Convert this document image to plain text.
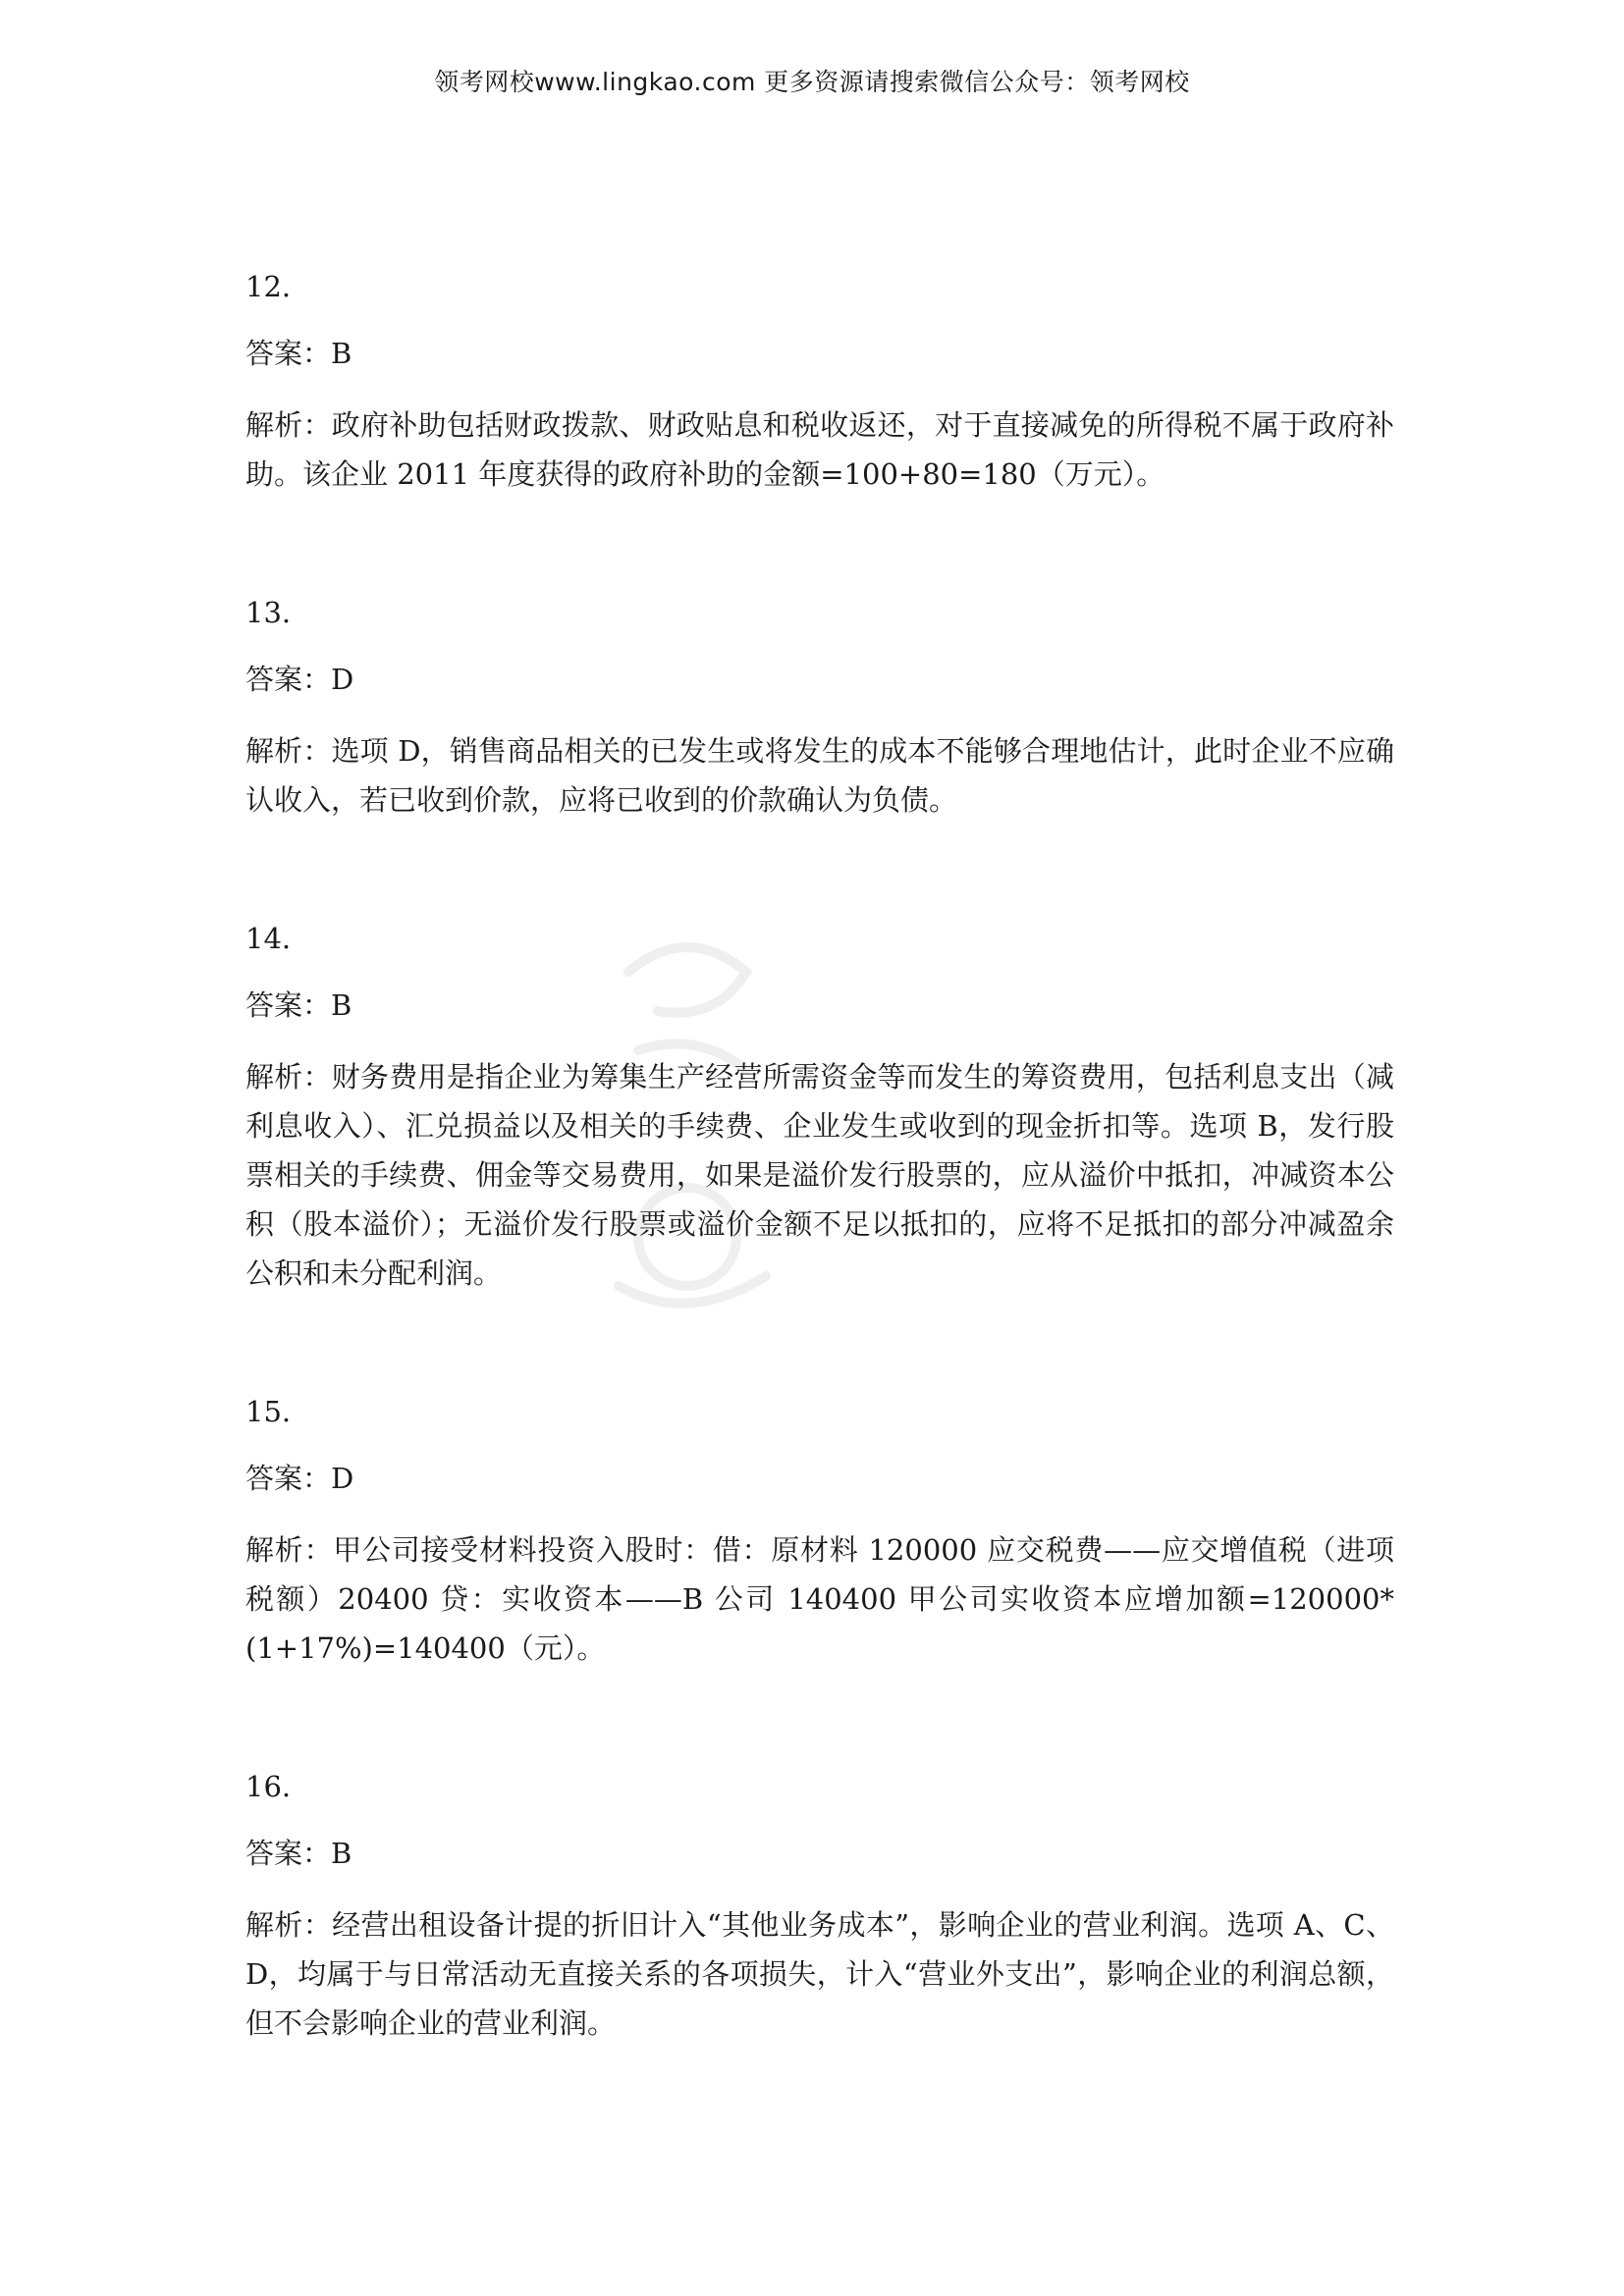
领考网校www.lingkao.com 更多资源请搜索微信公众号：领考网校
12.
答案：B
解析：政府补助包括财政拨款、财政贴息和税收返还，对于直接减免的所得税不属于政府补助。该企业 2011 年度获得的政府补助的金额=100+80=180（万元）。
13.
答案：D
解析：选项 D，销售商品相关的已发生或将发生的成本不能够合理地估计，此时企业不应确认收入，若已收到价款，应将已收到的价款确认为负债。
14.
答案：B
解析：财务费用是指企业为筹集生产经营所需资金等而发生的筹资费用，包括利息支出（减利息收入）、汇兑损益以及相关的手续费、企业发生或收到的现金折扣等。选项 B，发行股票相关的手续费、佣金等交易费用，如果是溢价发行股票的，应从溢价中抵扣，冲减资本公积（股本溢价）；无溢价发行股票或溢价金额不足以抵扣的，应将不足抵扣的部分冲减盈余公积和未分配利润。
15.
答案：D
解析：甲公司接受材料投资入股时：借：原材料 120000 应交税费——应交增值税（进项税额）20400 贷：实收资本——B 公司 140400 甲公司实收资本应增加额=120000*(1+17%)=140400（元）。
16.
答案：B
解析：经营出租设备计提的折旧计入“其他业务成本”，影响企业的营业利润。选项 A、C、D，均属于与日常活动无直接关系的各项损失，计入“营业外支出”，影响企业的利润总额，但不会影响企业的营业利润。
